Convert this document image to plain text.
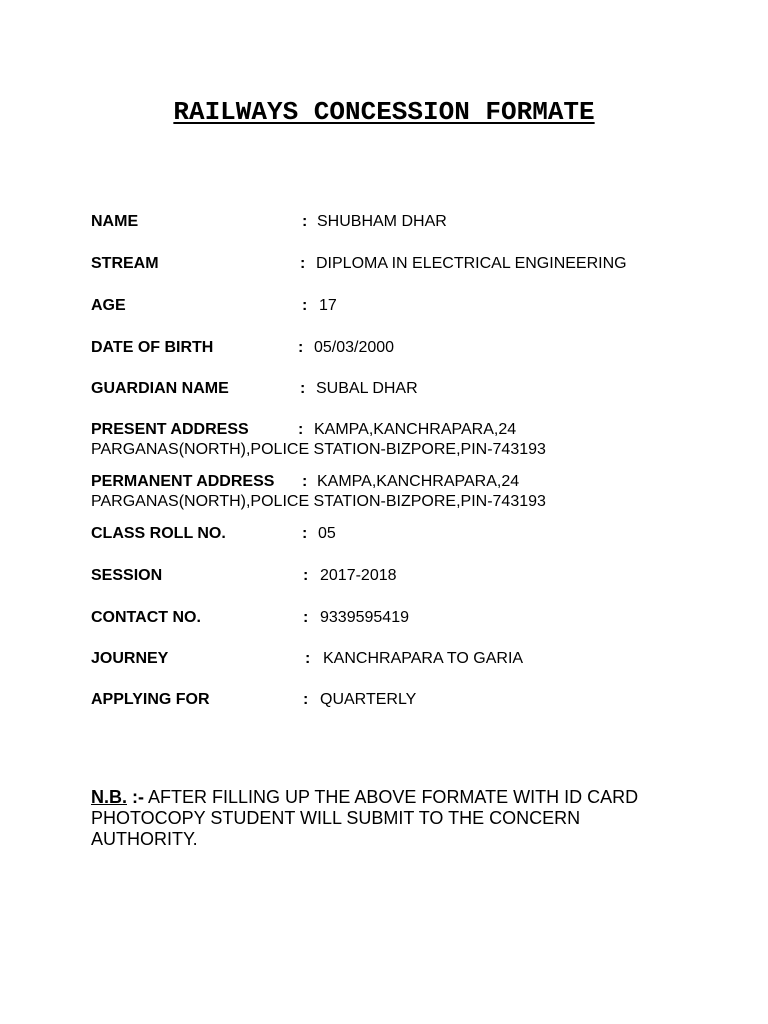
RAILWAYS CONCESSION FORMATE
NAME	: SHUBHAM DHAR
STREAM	: DIPLOMA IN ELECTRICAL ENGINEERING
AGE	: 17
DATE OF BIRTH	: 05/03/2000
GUARDIAN NAME	: SUBAL DHAR
PRESENT ADDRESS	: KAMPA,KANCHRAPARA,24
PARGANAS(NORTH),POLICE STATION-BIZPORE,PIN-743193
PERMANENT ADDRESS : KAMPA,KANCHRAPARA,24
PARGANAS(NORTH),POLICE STATION-BIZPORE,PIN-743193
CLASS ROLL NO.	: 05
SESSION	: 2017-2018
CONTACT NO.	: 9339595419
JOURNEY	: KANCHRAPARA TO GARIA
APPLYING FOR	: QUARTERLY
N.B. :- AFTER FILLING UP THE ABOVE FORMATE WITH ID CARD PHOTOCOPY STUDENT WILL SUBMIT TO THE CONCERN AUTHORITY.
